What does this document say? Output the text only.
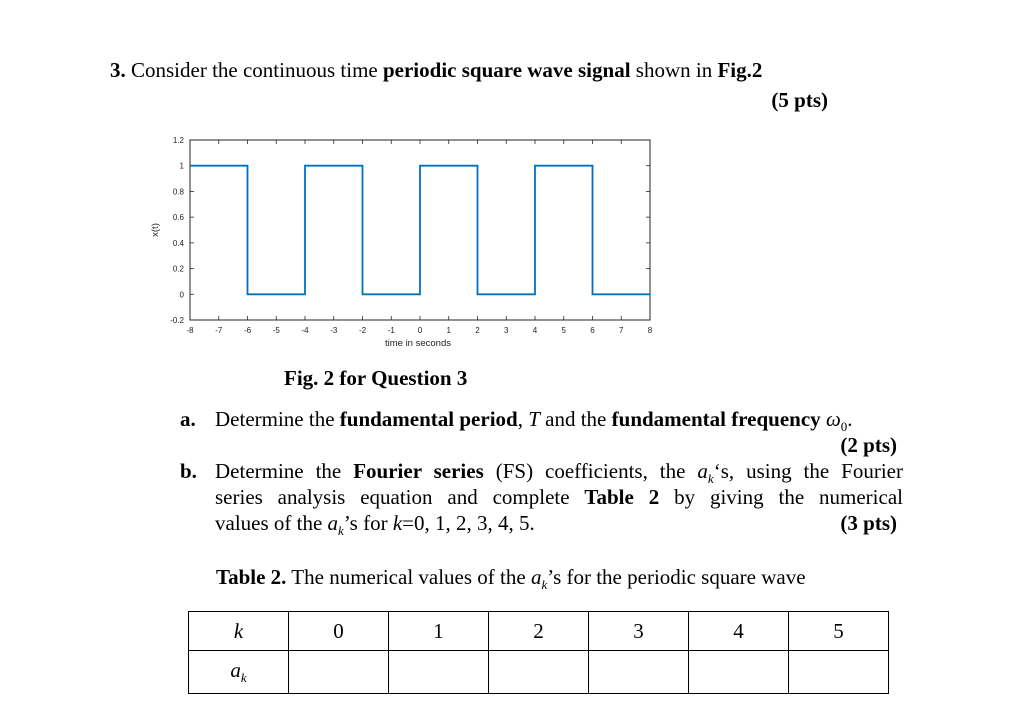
3. Consider the continuous time periodic square wave signal shown in Fig.2
(5 pts)
-8	-7	-6	-5	-4	-3	-2	-1	0	1	2	3	4	5	6	7	8
1.2
1
0.8
0.6
0.4
0.2
0
-0.2
time in seconds
x(t)
Fig. 2 for Question 3
a. Determine the fundamental period, T and the fundamental frequency $\omega_0$.
(2 pts)
b. Determine the Fourier series (FS) coefficients, the $a_k‘s$, using the Fourier
series analysis equation and complete Table 2 by giving the numerical
values of the $a_k’s$ for k=0, 1, 2, 3, 4, 5.	(3 pts)
Table 2. The numerical values of the $a_k’s$ for the periodic square wave
k	0	1	2	3	4	5
$a_k$						
